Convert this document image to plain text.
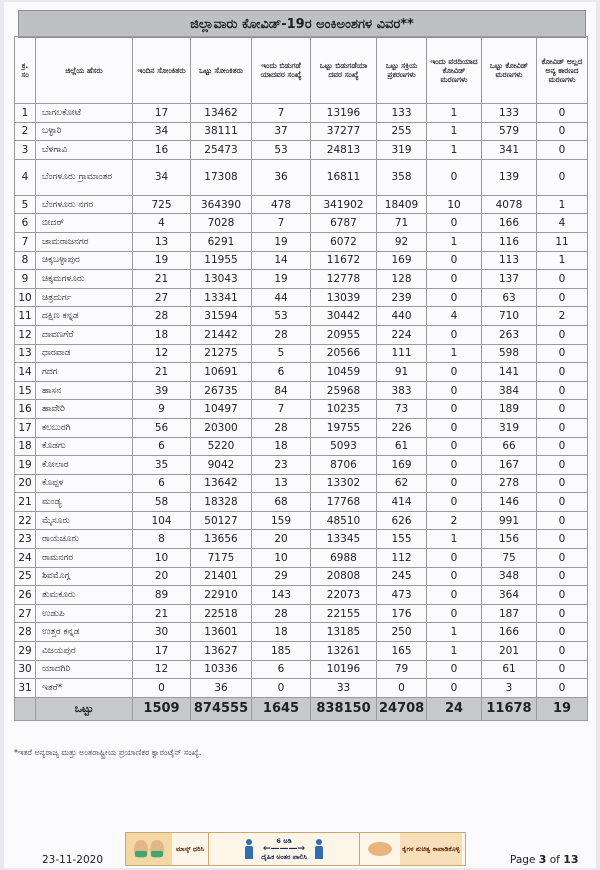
ಜಿಲ್ಲಾವಾರು ಕೋವಿಡ್-19ರ ಅಂಕಿಅಂಶಗಳ ವಿವರ**
ಕ್ರ. ಸಂ	ಜಿಲ್ಲೆಯ ಹೆಸರು	ಇಂದಿನ ಸೋಂಕಿತರು	ಒಟ್ಟು ಸೋಂಕಿತರು	ಇಂದು ಬಿಡುಗಡೆ ಯಾದವರ ಸಂಖ್ಯೆ	ಒಟ್ಟು ಬಿಡುಗಡೆಯಾ ದವರ ಸಂಖ್ಯೆ	ಒಟ್ಟು ಸಕ್ರಿಯ ಪ್ರಕರಣಗಳು	ಇಂದು ವರದಿಯಾದ ಕೋವಿಡ್ ಮರಣಗಳು	ಒಟ್ಟು ಕೋವಿಡ್ ಮರಣಗಳು	ಕೋವಿಡ್ ಅಲ್ಲದ ಅನ್ಯ ಕಾರಣದ ಮರಣಗಳು
1	ಬಾಗಲಕೋಟೆ	17	13462	7	13196	133	1	133	0
2	ಬಳ್ಳಾರಿ	34	38111	37	37277	255	1	579	0
3	ಬೆಳಗಾವಿ	16	25473	53	24813	319	1	341	0
4	ಬೆಂಗಳೂರು ಗ್ರಾಮಾಂತರ	34	17308	36	16811	358	0	139	0
5	ಬೆಂಗಳೂರು ನಗರ	725	364390	478	341902	18409	10	4078	1
6	ಬೀದರ್	4	7028	7	6787	71	0	166	4
7	ಚಾಮರಾಜನಗರ	13	6291	19	6072	92	1	116	11
8	ಚಿಕ್ಕಬಳ್ಳಾಪುರ	19	11955	14	11672	169	0	113	1
9	ಚಿಕ್ಕಮಗಳೂರು	21	13043	19	12778	128	0	137	0
10	ಚಿತ್ರದುರ್ಗ	27	13341	44	13039	239	0	63	0
11	ದಕ್ಷಿಣ ಕನ್ನಡ	28	31594	53	30442	440	4	710	2
12	ದಾವಣಗೆರೆ	18	21442	28	20955	224	0	263	0
13	ಧಾರವಾಡ	12	21275	5	20566	111	1	598	0
14	ಗದಗ	21	10691	6	10459	91	0	141	0
15	ಹಾಸನ	39	26735	84	25968	383	0	384	0
16	ಹಾವೇರಿ	9	10497	7	10235	73	0	189	0
17	ಕಲಬುರಗಿ	56	20300	28	19755	226	0	319	0
18	ಕೊಡಗು	6	5220	18	5093	61	0	66	0
19	ಕೋಲಾರ	35	9042	23	8706	169	0	167	0
20	ಕೊಪ್ಪಳ	6	13642	13	13302	62	0	278	0
21	ಮಂಡ್ಯ	58	18328	68	17768	414	0	146	0
22	ಮೈಸೂರು	104	50127	159	48510	626	2	991	0
23	ರಾಯಚೂರು	8	13656	20	13345	155	1	156	0
24	ರಾಮನಗರ	10	7175	10	6988	112	0	75	0
25	ಶಿವಮೊಗ್ಗ	20	21401	29	20808	245	0	348	0
26	ತುಮಕೂರು	89	22910	143	22073	473	0	364	0
27	ಉಡುಪಿ	21	22518	28	22155	176	0	187	0
28	ಉತ್ತರ ಕನ್ನಡ	30	13601	18	13185	250	1	166	0
29	ವಿಜಯಪುರ	17	13627	185	13261	165	1	201	0
30	ಯಾದಗಿರಿ	12	10336	6	10196	79	0	61	0
31	ಇತರೆ*	0	36	0	33	0	0	3	0
	ಒಟ್ಟು	1509	874555	1645	838150	24708	24	11678	19
*ಇತರೆ ಅನ್ಯರಾಜ್ಯ ಮತ್ತು ಅಂತರಾಷ್ಟ್ರೀಯ ಪ್ರಯಾಣಿಕರ ಕ್ವಾರಂಟೈನ್ ಸಂಖ್ಯೆ.
ಮಾಸ್ಕ್ ಧರಿಸಿ
6 ಅಡಿ
←———→
ದೈಹಿಕ ಅಂತರ ಪಾಲಿಸಿ
ಕೈಗಳ ಶುಚಿತ್ವ ಕಾಪಾಡಿಕೊಳ್ಳಿ
23-11-2020	Page 3 of 13
